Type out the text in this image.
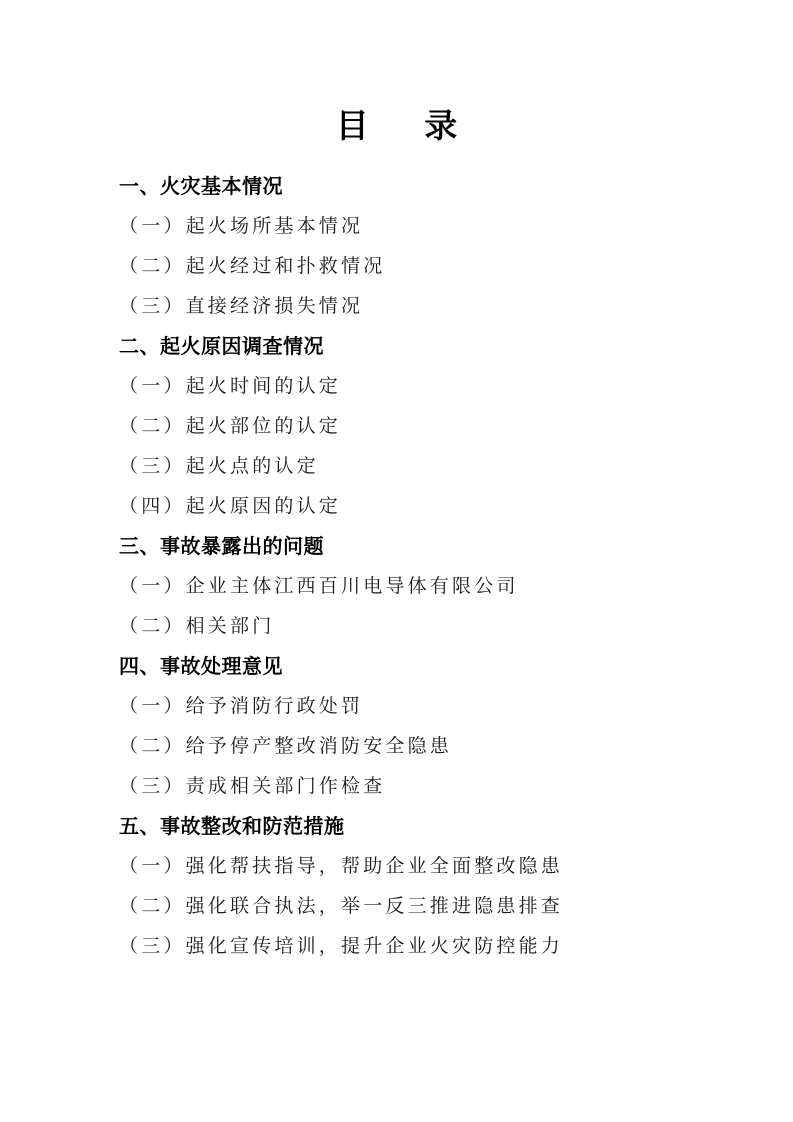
目 录
一、火灾基本情况
（一）起火场所基本情况
（二）起火经过和扑救情况
（三）直接经济损失情况
二、起火原因调查情况
（一）起火时间的认定
（二）起火部位的认定
（三）起火点的认定
（四）起火原因的认定
三、事故暴露出的问题
（一）企业主体江西百川电导体有限公司
（二）相关部门
四、事故处理意见
（一）给予消防行政处罚
（二）给予停产整改消防安全隐患
（三）责成相关部门作检查
五、事故整改和防范措施
（一）强化帮扶指导，帮助企业全面整改隐患
（二）强化联合执法，举一反三推进隐患排查
（三）强化宣传培训，提升企业火灾防控能力
